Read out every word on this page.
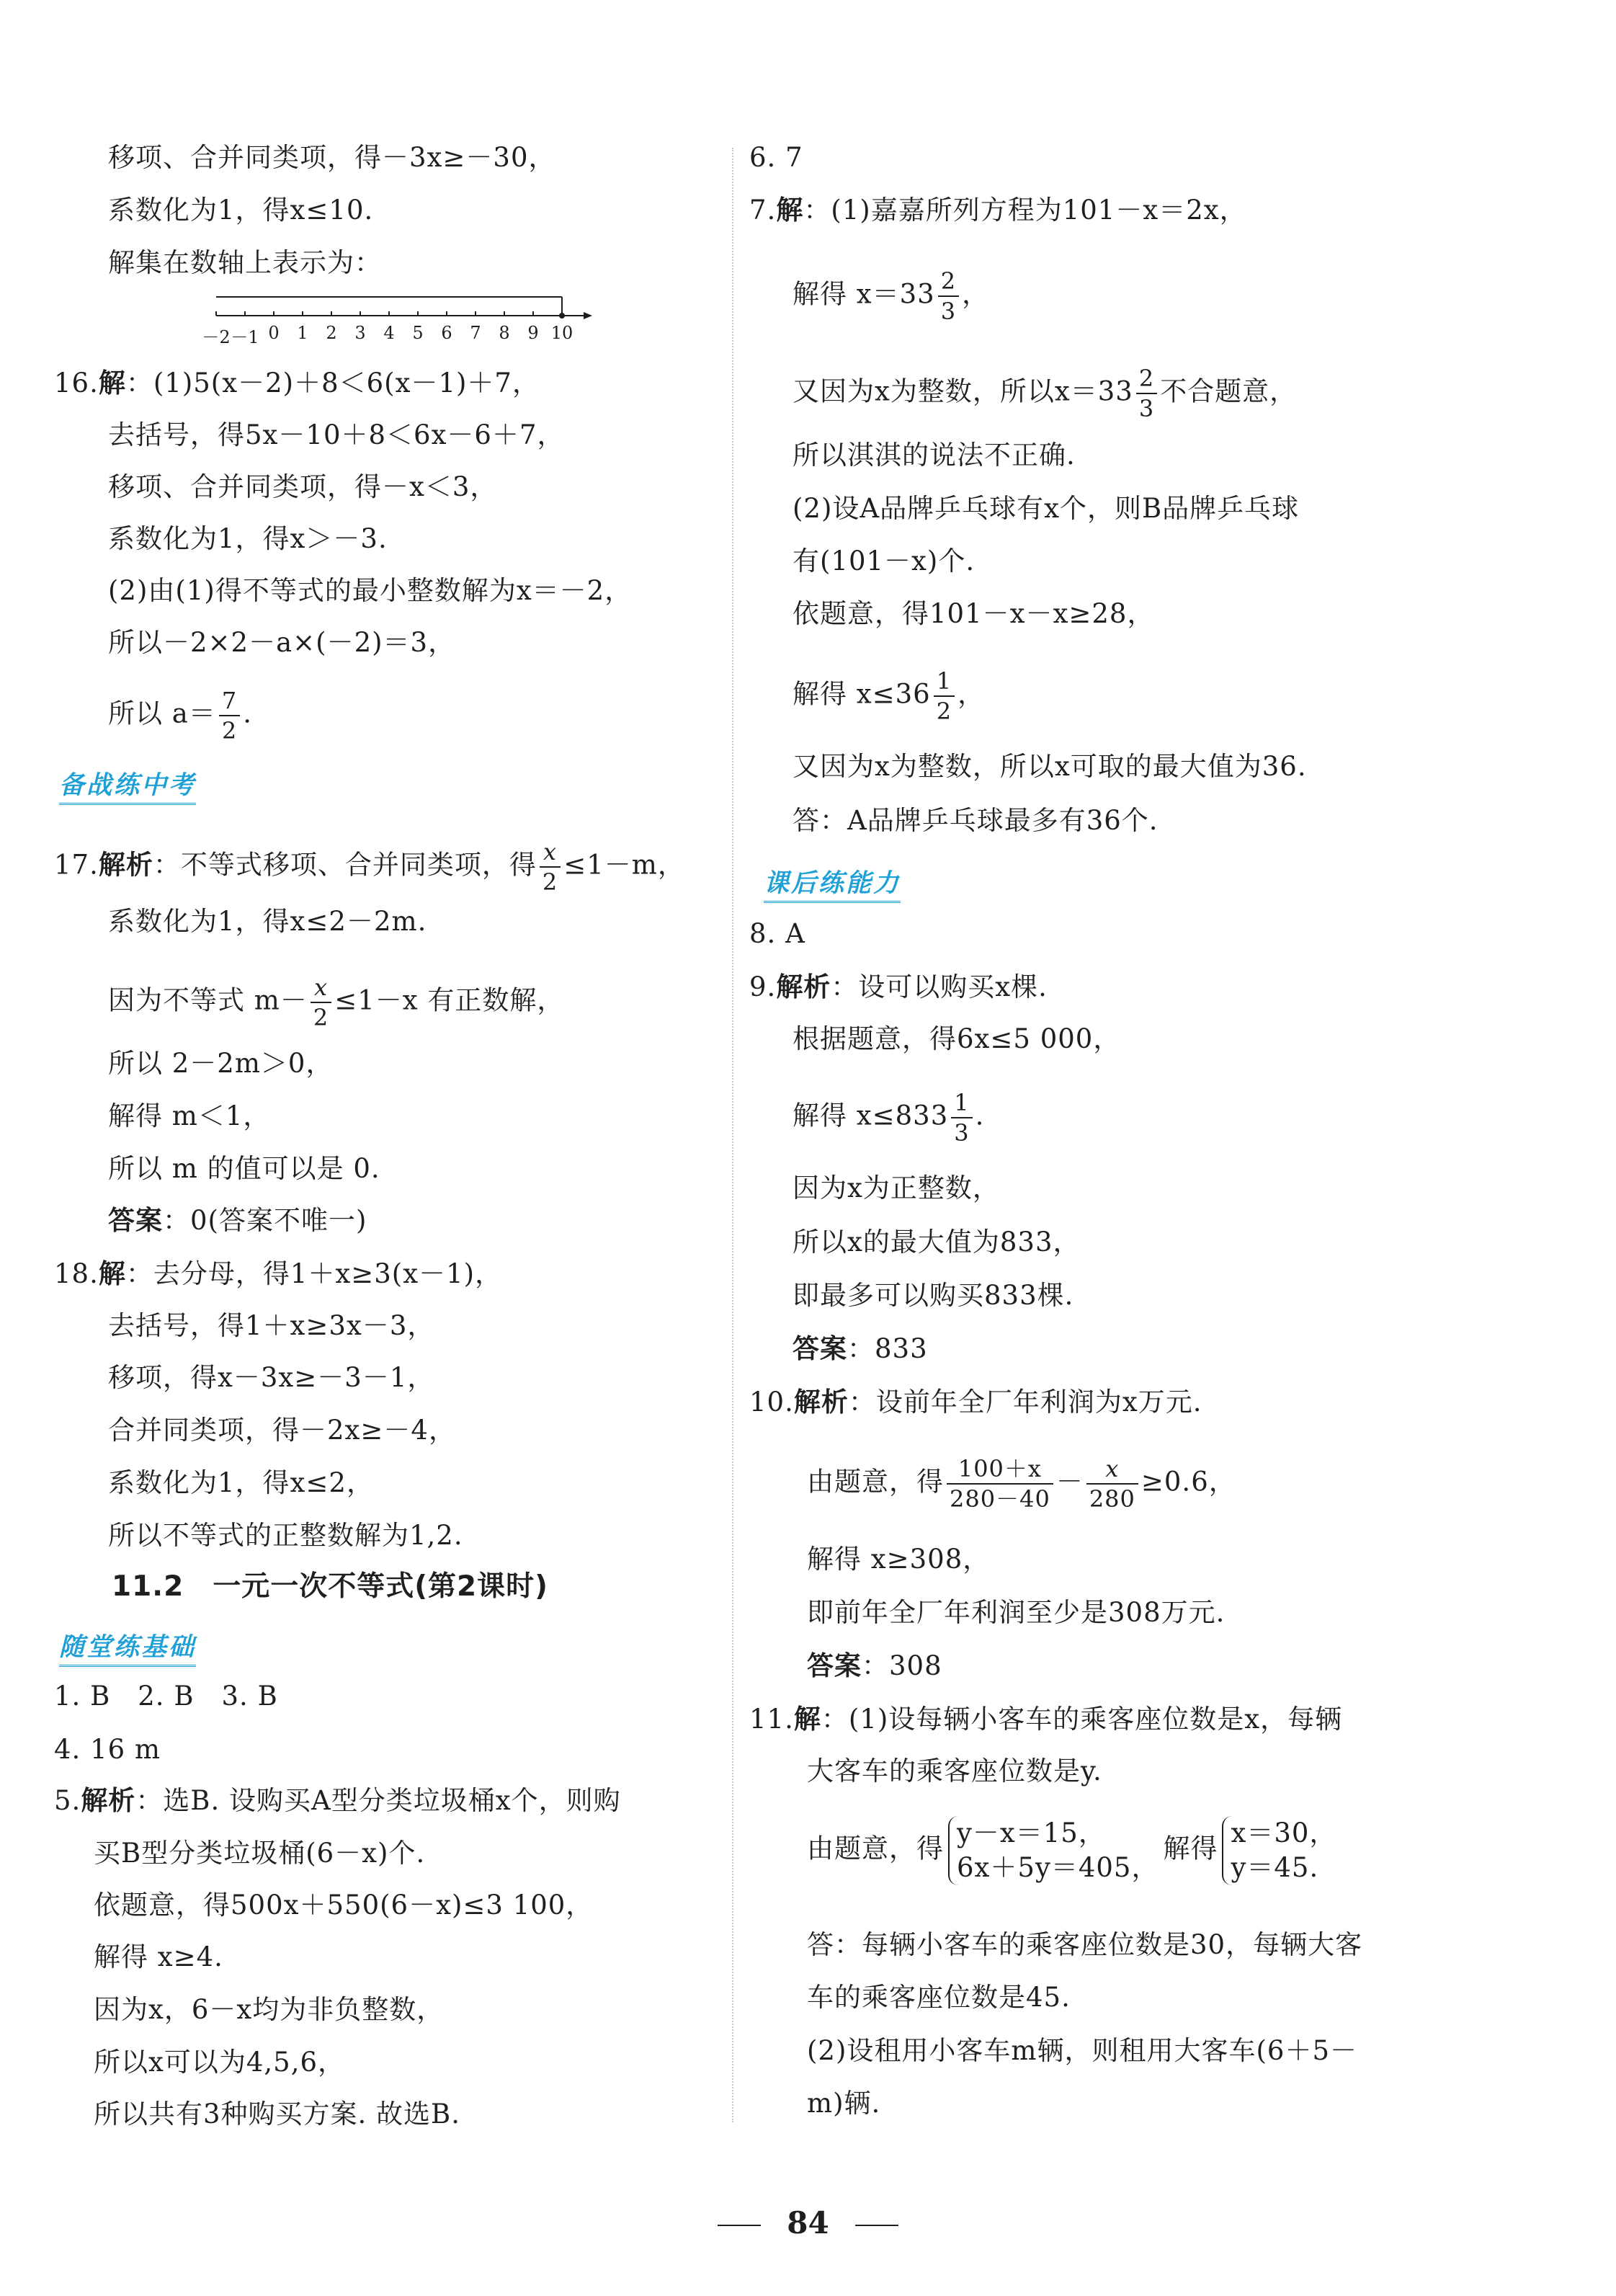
移项、合并同类项，得－3x≥－30，
系数化为1，得x≤10.
解集在数轴上表示为：
－2 －1 0	1	2	3	4	5	6	7	8	9 10
16.解：(1)5(x－2)＋8＜6(x－1)＋7，
去括号，得5x－10＋8＜6x－6＋7，
移项、合并同类项，得－x＜3，
系数化为1，得x＞－3.
(2)由(1)得不等式的最小整数解为x＝－2，
所以－2×2－a×(－2)＝3，
所以 $a= \frac{7}{2}$ .
备战练中考
17.解析：不等式移项、合并同类项，得 $\frac{x}{2} \le 1-m$，
系数化为1，得x≤2－2m.
因为不等式 $m- \frac{x}{2} \le 1-x$ 有正数解，
所以 2－2m＞0，
解得 m＜1，
所以 m 的值可以是 0.
答案：0(答案不唯一)
18.解：去分母，得1＋x≥3(x－1)，
去括号，得1＋x≥3x－3，
移项，得x－3x≥－3－1，
合并同类项，得－2x≥－4，
系数化为1，得x≤2，
所以不等式的正整数解为1,2.
11.2　一元一次不等式(第2课时)
随堂练基础
1. B　2. B　3. B
4. 16 m
5.解析：选B. 设购买A型分类垃圾桶x个，则购
买B型分类垃圾桶(6－x)个.
依题意，得500x＋550(6－x)≤3 100，
解得 x≥4.
因为x，6－x均为非负整数，
所以x可以为4,5,6，
所以共有3种购买方案. 故选B.
6. 7
7.解：(1)嘉嘉所列方程为101－x＝2x，
解得 $x=33 \frac{2}{3}$ ，
又因为x为整数，所以$x=33 \frac{2}{3}$ 不合题意，
所以淇淇的说法不正确.
(2)设A品牌乒乓球有x个，则B品牌乒乓球
有(101－x)个.
依题意，得101－x－x≥28，
解得 $x\le 36 \frac{1}{2}$ ，
又因为x为整数，所以x可取的最大值为36.
答：A品牌乒乓球最多有36个.
课后练能力
8. A
9.解析：设可以购买x棵.
根据题意，得6x≤5 000，
解得 $x\le 833 \frac{1}{3}$ .
因为x为正整数，
所以x的最大值为833，
即最多可以购买833棵.
答案：833
10.解析：设前年全厂年利润为x万元.
由题意，得 $\frac{100+x}{280-40} - \frac{x}{280} \ge 0.6$，
解得 x≥308，
即前年全厂年利润至少是308万元.
答案：308
11.解：(1)设每辆小客车的乘客座位数是x，每辆
大客车的乘客座位数是y.
由题意，得 y－x＝15，
6x＋5y＝405，
解得 x＝30，
y＝45.
答：每辆小客车的乘客座位数是30，每辆大客
车的乘客座位数是45.
(2)设租用小客车m辆，则租用大客车(6＋5－
m)辆.
84
